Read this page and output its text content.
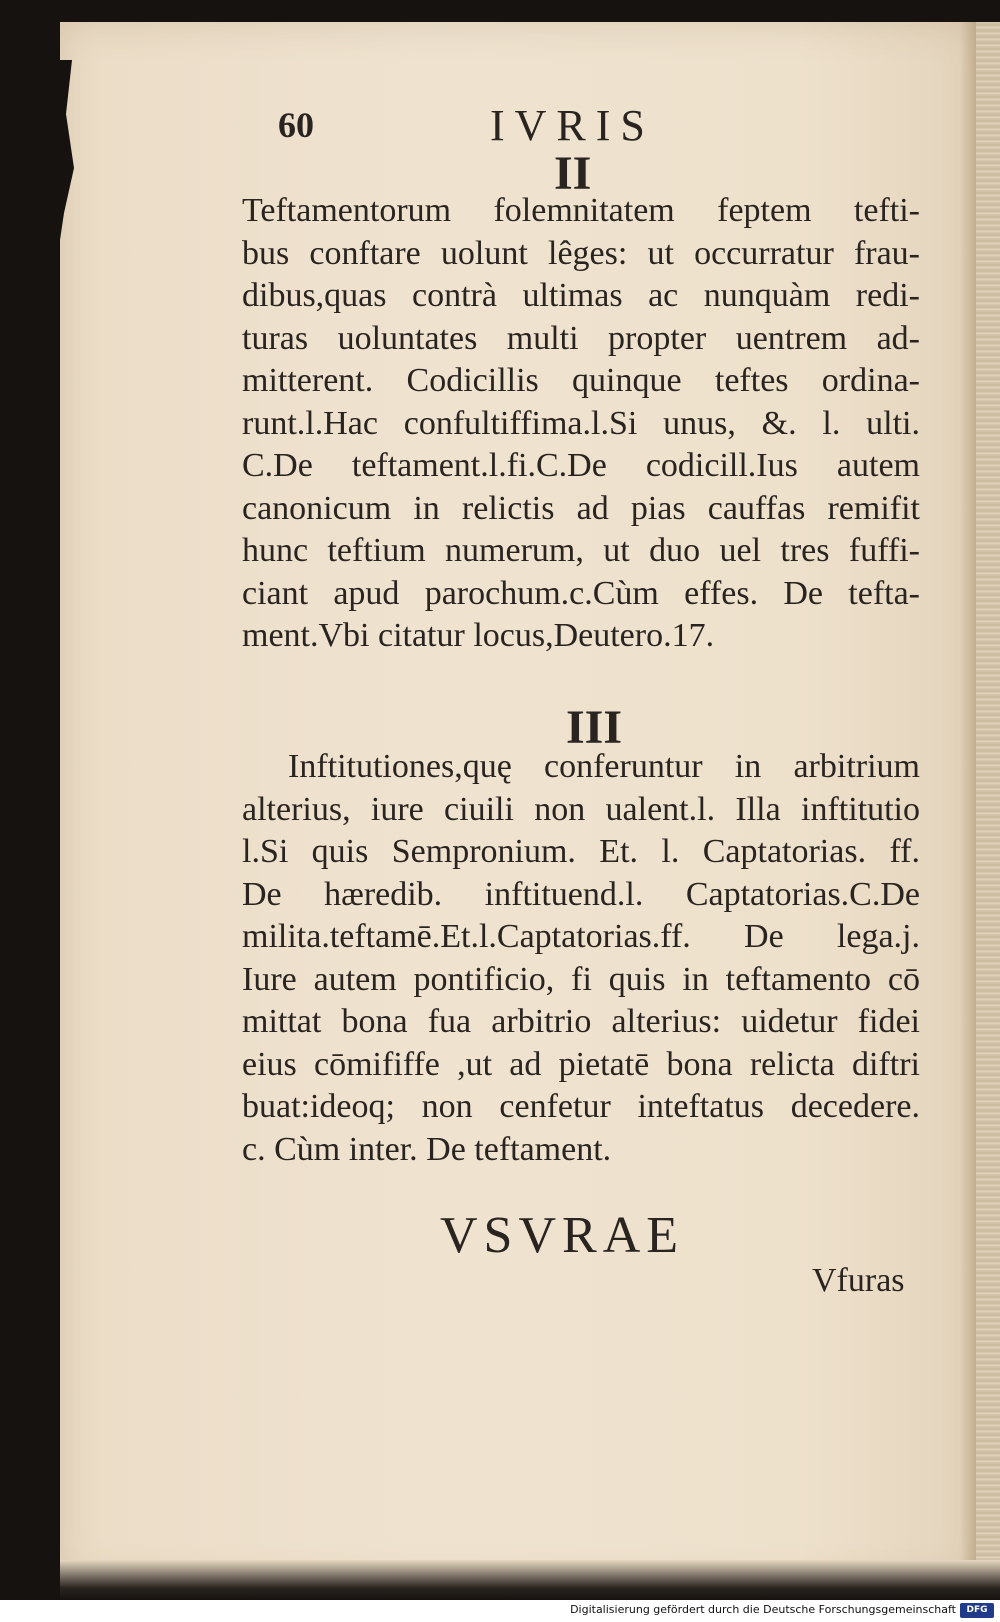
60	IVRIS
II
Teftamentorum folemnitatem feptem tefti-
bus conftare uolunt lêges: ut occurratur frau-
dibus,quas contrà ultimas ac nunquàm redi-
turas uoluntates multi propter uentrem ad-
mitterent. Codicillis quinque teftes ordina-
runt.l.Hac confultiffima.l.Si unus, &. l. ulti.
C.De teftament.l.fi.C.De codicill.Ius autem
canonicum in relictis ad pias cauffas remifit
hunc teftium numerum, ut duo uel tres fuffi-
ciant apud parochum.c.Cùm effes. De tefta-
ment.Vbi citatur locus,Deutero.17.
III
Inftitutiones,quę conferuntur in arbitrium
alterius, iure ciuili non ualent.l. Illa inftitutio
l.Si quis Sempronium. Et. l. Captatorias. ff.
De hæredib. inftituend.l. Captatorias.C.De
milita.teftamē.Et.l.Captatorias.ff. De lega.j.
Iure autem pontificio, fi quis in teftamento cō
mittat bona fua arbitrio alterius: uidetur fidei
eius cōmififfe ,ut ad pietatē bona relicta diftri
buat:ideoq; non cenfetur inteftatus decedere.
c. Cùm inter. De teftament.
VSVRAE
Vfuras
Digitalisierung gefördert durch die Deutsche Forschungsgemeinschaft	DFG
